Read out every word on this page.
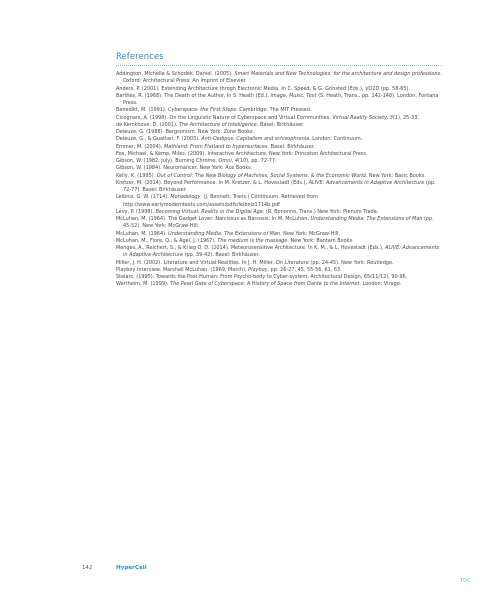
References
Addington, Michelle & Schodek, Daniel. (2005). Smart Materials and New Technologies: for the architecture and design professions. Oxford: Architectural Press: An imprint of Elsevier.
Anders, P. (2001). Extending Architecture throgh Electronic Media. In C. Speed, & G. Grinsted (Eds.), VO1D (pp. 58-65).
Barthes, R. (1968). The Death of the Author. In S. Heath (Ed.), Image, Music, Text (S. Heath, Trans., pp. 142-148). London: Fontana Press.
Benedikt, M. (1991). Cyberspace: the First Steps. Cambridge: The MIT Pressed.
Cicognani, A. (1998). On the Linguistic Nature of Cyberspace and Virtual Communities. Virtual Reality Society, 3(1), 25-33.
de Kerckhove, D. (2001). The Architecture of Intelligence. Basel: Birkhäuser.
Deleuze, G. (1988). Bergsonism. New York: Zone Books.
Deleuze, G., & Guattari, F. (2003). Anti-Oedipus: Capitalism and schizophrenia. London: Continuum.
Emmer, M. (2004). Mathland: From Flatland to hypersurfaces. Basel: Birkhäuser.
Fox, Michael, & Kemp, Miles. (2009). Interactive Architecture. New York: Princeton Architectural Press.
Gibson, W. (1982, July). Burning Chrome. Omni, 4(10), pp. 72-77.
Gibson, W. (1984). Neuromancer. New York: Ace Books.
Kelly, K. (1995). Out of Control: The New Biology of Machines, Social Systems, & the Economic World. New York: Basic Books.
Kretzer, M. (2014). Beyond Performance. In M. Kretzer, & L. Hovestadt (Eds.), ALIVE: Advancements in Adaptive Architecture (pp. 72-77). Basel: Birkhäuser.
Leibniz, G. W. (1714). Monadology. (J. Bennett, Trans.) Continuum. Retrieved from http://www.earlymoderntexts.com/assets/pdfs/leibniz1714b.pdf
Lévy, P. (1998). Becoming Virtual: Reality in the Digital Age. (R. Bononno, Trans.) New York: Plenum Trade.
McLuhan, M. (1964). The Gadget Lover: Narcissus as Narcosis. In M. McLuhan, Understanding Media: The Extensions of Man (pp. 45-52). New York: McGraw-Hill.
McLuhan, M. (1964). Understanding Media: The Extensions of Man. New York: McGraw-Hill.
McLuhan, M., Fiore, Q., & Agel, J. (1967). The medium is the massage. New York: Bantam Books.
Menges, A., Reichert, S., & Krieg O. D. (2014). Meteorosensitive Architecture. In K. M., & L. Hovestadt (Eds.), ALIVE: Advancements in Adaptive Architecture (pp. 39-42). Basel: Birkhäuser.
Miller, J. H. (2002). Literature and Virtual Realities. In J. H. Miller, On Literature (pp. 24-45). New York: Routledge.
Playboy Interview: Marshall McLuhan. (1969, March). Playboy, pp. 26-27, 45, 55-56, 61, 63.
Stelarc. (1995). Towards the Post-Human: From Psycho-body to Cyber-system. Architectural Design, 65(11/12), 90-96.
Wertheim, M. (1999). The Pearl Gate of Cyberspace: A History of Space from Dante to the Internet. London: Virago.
142	HyperCell
TOC
